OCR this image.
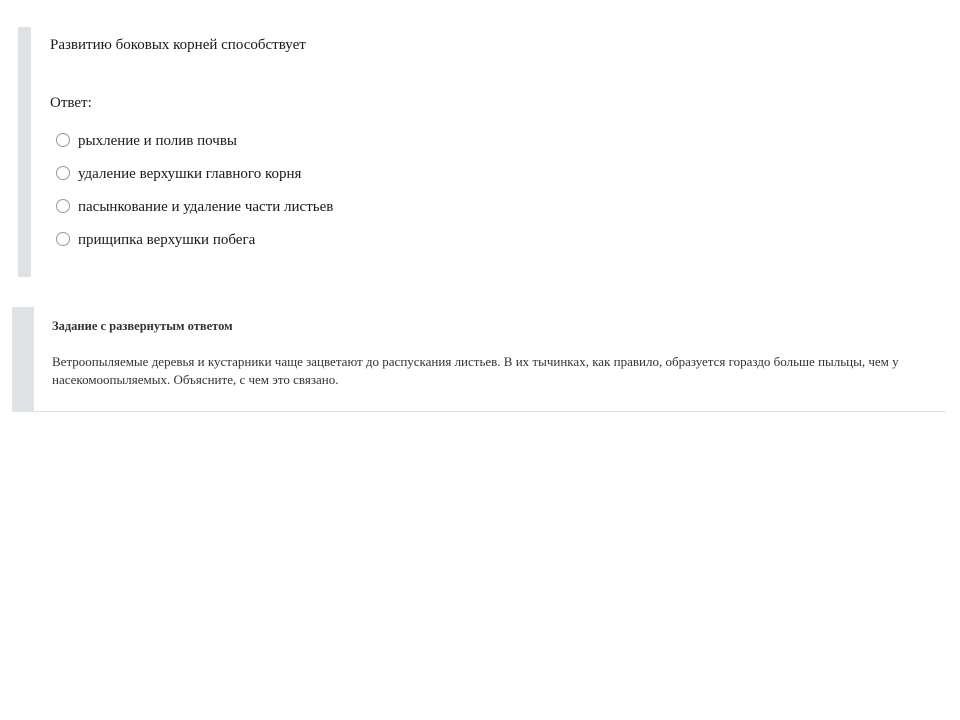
Развитию боковых корней способствует
Ответ:
рыхление и полив почвы
удаление верхушки главного корня
пасынкование и удаление части листьев
прищипка верхушки побега
Задание с развернутым ответом
Ветроопыляемые деревья и кустарники чаще зацветают до распускания листьев. В их тычинках, как правило, образуется гораздо больше пыльцы, чем у насекомоопыляемых. Объясните, с чем это связано.
